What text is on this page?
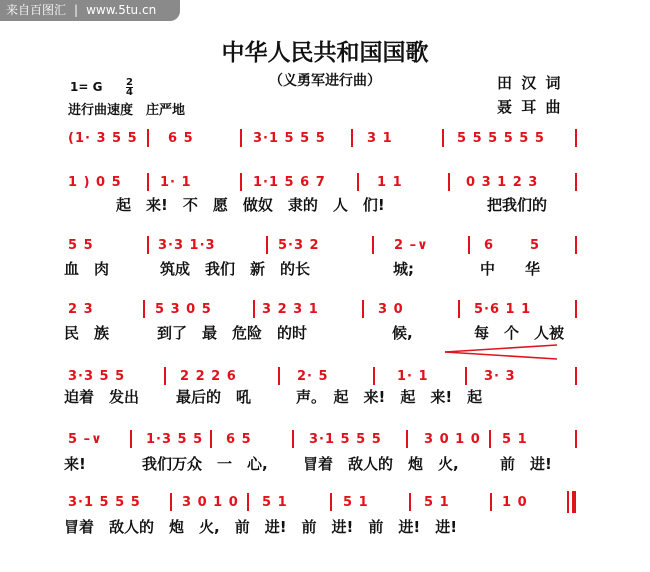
来自百图汇 | www.5tu.cn
中华人民共和国国歌
（义勇军进行曲）	田 汉 词
聂 耳 曲
1= G $\frac{2}{4}$
进行曲速度　庄严地
(1· 3 5 5 6 5	3·1 5 5 5	3 1	5 5 5 5 5 5
1 ) 0 5	1· 1	1·1 5 6 7	1 1	0 3 1 2 3
起　来!　不　愿　做奴　隶的　人　们!	把我们的
5 5	3·3 1·3	5·3 2	2 –∨	6	5
血　肉	筑成　我们　新　的长	城;	中　　华
2 3	5 3 0 5	3 2 3 1	3 0	5·6 1 1
民　族	到了　最　危险　的时	候,	每　个　人被
3·3 5 5	2 2 2 6	2· 5	1· 1	3· 3
迫着　发出 最后的　吼	声。　起　来!　起　来!　起
5 –∨	1·3 5 5 6 5	3·1 5 5 5	3 0 1 0 5 1
来!	我们万众　一　心, 冒着　敌人的　炮　火,	前　进!
3·1 5 5 5	3 0 1 0 5 1	5 1	5 1	1 0
冒着　敌人的　炮　火,　前　进!　前　进!　前　进!　进!
